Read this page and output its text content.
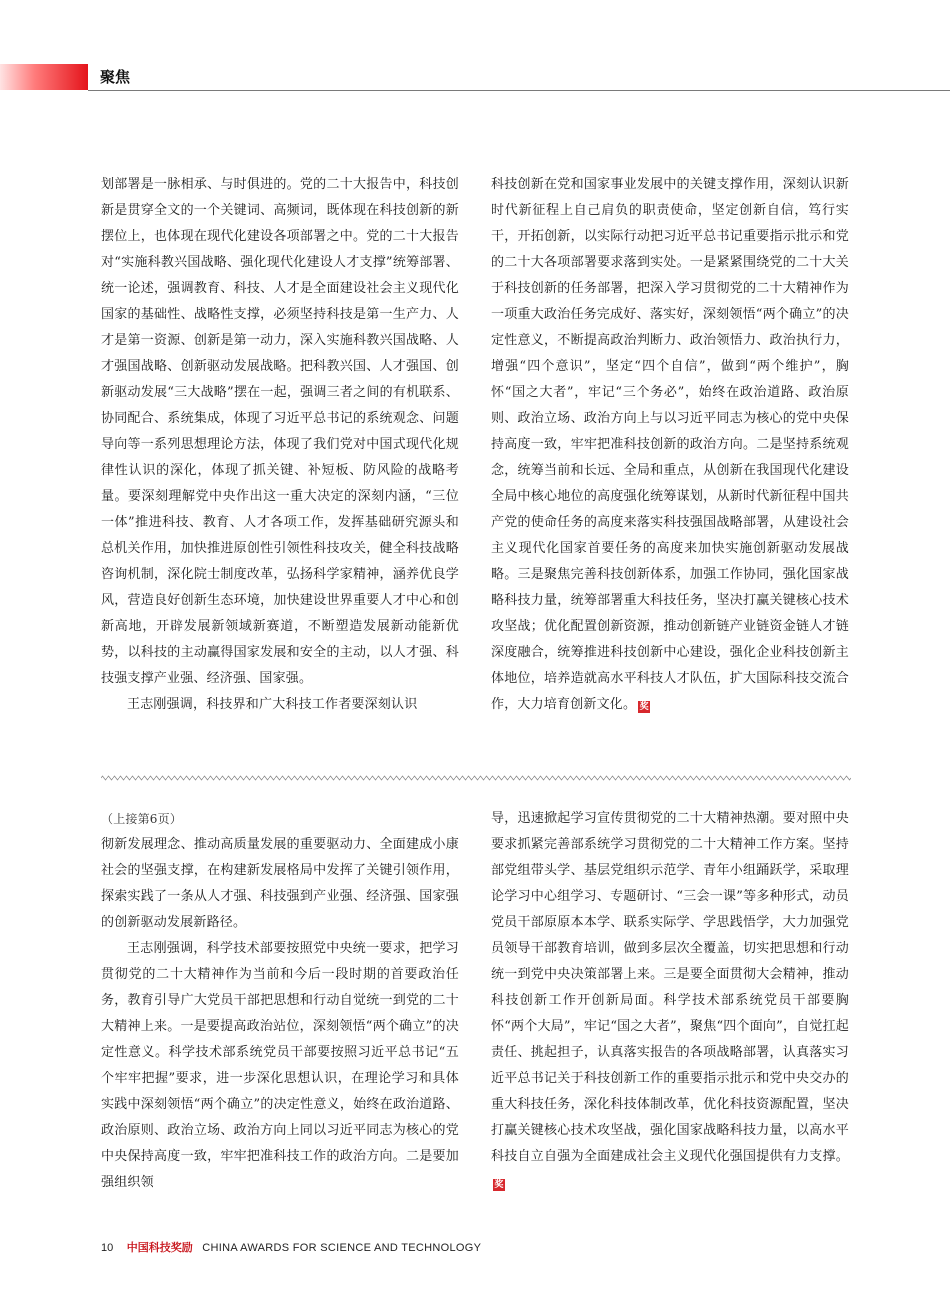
聚焦

划部署是一脉相承、与时俱进的。党的二十大报告中，科技创新是贯穿全文的一个关键词、高频词，既体现在科技创新的新摆位上，也体现在现代化建设各项部署之中。党的二十大报告对“实施科教兴国战略、强化现代化建设人才支撑”统筹部署、统一论述，强调教育、科技、人才是全面建设社会主义现代化国家的基础性、战略性支撑，必须坚持科技是第一生产力、人才是第一资源、创新是第一动力，深入实施科教兴国战略、人才强国战略、创新驱动发展战略。把科教兴国、人才强国、创新驱动发展“三大战略”摆在一起，强调三者之间的有机联系、协同配合、系统集成，体现了习近平总书记的系统观念、问题导向等一系列思想理论方法，体现了我们党对中国式现代化规律性认识的深化，体现了抓关键、补短板、防风险的战略考量。要深刻理解党中央作出这一重大决定的深刻内涵，“三位一体”推进科技、教育、人才各项工作，发挥基础研究源头和总机关作用，加快推进原创性引领性科技攻关，健全科技战略咨询机制，深化院士制度改革，弘扬科学家精神，涵养优良学风，营造良好创新生态环境，加快建设世界重要人才中心和创新高地，开辟发展新领域新赛道，不断塑造发展新动能新优势，以科技的主动赢得国家发展和安全的主动，以人才强、科技强支撑产业强、经济强、国家强。

王志刚强调，科技界和广大科技工作者要深刻认识

科技创新在党和国家事业发展中的关键支撑作用，深刻认识新时代新征程上自己肩负的职责使命，坚定创新自信，笃行实干，开拓创新，以实际行动把习近平总书记重要指示批示和党的二十大各项部署要求落到实处。一是紧紧围绕党的二十大关于科技创新的任务部署，把深入学习贯彻党的二十大精神作为一项重大政治任务完成好、落实好，深刻领悟“两个确立”的决定性意义，不断提高政治判断力、政治领悟力、政治执行力，增强“四个意识”，坚定“四个自信”，做到“两个维护”，胸怀“国之大者”，牢记“三个务必”，始终在政治道路、政治原则、政治立场、政治方向上与以习近平同志为核心的党中央保持高度一致，牢牢把准科技创新的政治方向。二是坚持系统观念，统筹当前和长远、全局和重点，从创新在我国现代化建设全局中核心地位的高度强化统筹谋划，从新时代新征程中国共产党的使命任务的高度来落实科技强国战略部署，从建设社会主义现代化国家首要任务的高度来加快实施创新驱动发展战略。三是聚焦完善科技创新体系，加强工作协同，强化国家战略科技力量，统筹部署重大科技任务，坚决打赢关键核心技术攻坚战；优化配置创新资源，推动创新链产业链资金链人才链深度融合，统筹推进科技创新中心建设，强化企业科技创新主体地位，培养造就高水平科技人才队伍，扩大国际科技交流合作，大力培育创新文化。 奖

（上接第6页）

彻新发展理念、推动高质量发展的重要驱动力、全面建成小康社会的坚强支撑，在构建新发展格局中发挥了关键引领作用，探索实践了一条从人才强、科技强到产业强、经济强、国家强的创新驱动发展新路径。

王志刚强调，科学技术部要按照党中央统一要求，把学习贯彻党的二十大精神作为当前和今后一段时期的首要政治任务，教育引导广大党员干部把思想和行动自觉统一到党的二十大精神上来。一是要提高政治站位，深刻领悟“两个确立”的决定性意义。科学技术部系统党员干部要按照习近平总书记“五个牢牢把握”要求，进一步深化思想认识，在理论学习和具体实践中深刻领悟“两个确立”的决定性意义，始终在政治道路、政治原则、政治立场、政治方向上同以习近平同志为核心的党中央保持高度一致，牢牢把准科技工作的政治方向。二是要加强组织领

导，迅速掀起学习宣传贯彻党的二十大精神热潮。要对照中央要求抓紧完善部系统学习贯彻党的二十大精神工作方案。坚持部党组带头学、基层党组织示范学、青年小组踊跃学，采取理论学习中心组学习、专题研讨、“三会一课”等多种形式，动员党员干部原原本本学、联系实际学、学思践悟学，大力加强党员领导干部教育培训，做到多层次全覆盖，切实把思想和行动统一到党中央决策部署上来。三是要全面贯彻大会精神，推动科技创新工作开创新局面。科学技术部系统党员干部要胸怀“两个大局”，牢记“国之大者”，聚焦“四个面向”，自觉扛起责任、挑起担子，认真落实报告的各项战略部署，认真落实习近平总书记关于科技创新工作的重要指示批示和党中央交办的重大科技任务，深化科技体制改革，优化科技资源配置，坚决打赢关键核心技术攻坚战，强化国家战略科技力量，以高水平科技自立自强为全面建成社会主义现代化强国提供有力支撑。奖

10 中国科技奖励 CHINA AWARDS FOR SCIENCE AND TECHNOLOGY
